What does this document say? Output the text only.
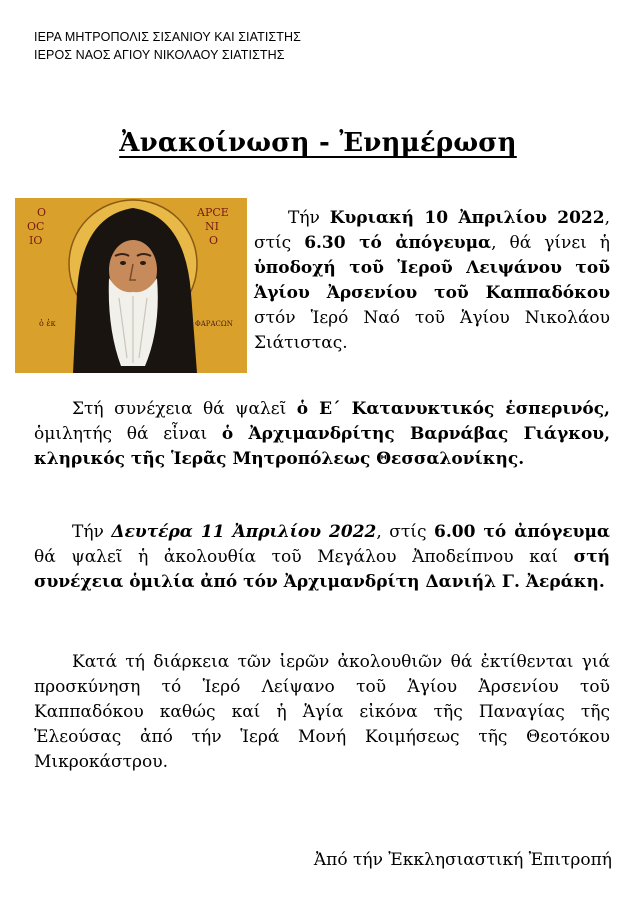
ΙΕΡΑ ΜΗΤΡΟΠΟΛΙΣ ΣΙΣΑΝΙΟΥ ΚΑΙ ΣΙΑΤΙΣΤΗΣ
ΙΕΡΟΣ ΝΑΟΣ ΑΓΙΟΥ ΝΙΚΟΛΑΟΥ ΣΙΑΤΙΣΤΗΣ
Ἀνακοίνωση - Ἐνημέρωση
Ο
ΟC
ΙΟ
ΑΡCΕ
ΝΙ
Ο
ὁ ἐκ	ΦΑΡΑCΩΝ
Τήν Κυριακή 10 Ἀπριλίου 2022, στίς 6.30 τό ἀπόγευμα, θά γίνει ἡ ὑποδοχή τοῦ Ἱεροῦ Λειψάνου τοῦ Ἁγίου Ἀρσενίου τοῦ Καππαδόκου στόν Ἱερό Ναό τοῦ Ἁγίου Νικολάου Σιάτιστας.
Στή συνέχεια θά ψαλεῖ ὁ Ε΄ Κατανυκτικός ἑσπερινός, ὁμιλητής θά εἶναι ὁ Ἀρχιμανδρίτης Βαρνάβας Γιάγκου, κληρικός τῆς Ἱερᾶς Μητροπόλεως Θεσσαλονίκης.
Τήν Δευτέρα 11 Ἀπριλίου 2022, στίς 6.00 τό ἀπόγευμα θά ψαλεῖ ἡ ἀκολουθία τοῦ Μεγάλου Ἀποδείπνου καί στή συνέχεια ὁμιλία ἀπό τόν Ἀρχιμανδρίτη Δανιήλ Γ. Ἀεράκη.
Κατά τή διάρκεια τῶν ἱερῶν ἀκολουθιῶν θά ἐκτίθενται γιά προσκύνηση τό Ἱερό Λείψανο τοῦ Ἁγίου Ἀρσενίου τοῦ Καππαδόκου καθώς καί ἡ Ἁγία εἰκόνα τῆς Παναγίας τῆς Ἐλεούσας ἀπό τήν Ἱερά Μονή Κοιμήσεως τῆς Θεοτόκου Μικροκάστρου.
Ἀπό τήν Ἐκκλησιαστική Ἐπιτροπή
